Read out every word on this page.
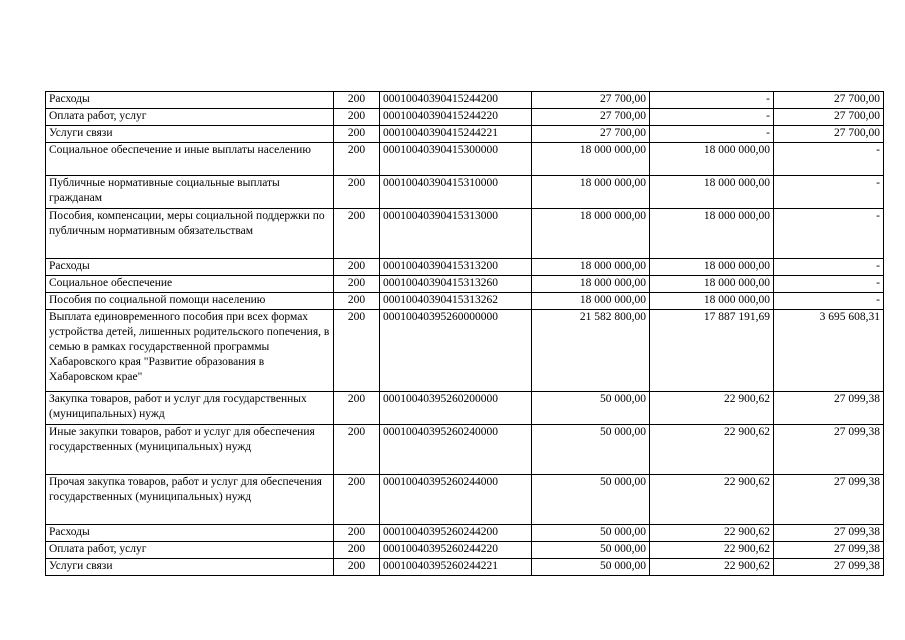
Расходы	200	00010040390415244200	27 700,00	-	27 700,00
Оплата работ, услуг	200	00010040390415244220	27 700,00	-	27 700,00
Услуги связи	200	00010040390415244221	27 700,00	-	27 700,00
Социальное обеспечение и иные выплаты населению	200	00010040390415300000	18 000 000,00	18 000 000,00	-
Публичные нормативные социальные выплаты гражданам	200	00010040390415310000	18 000 000,00	18 000 000,00	-
Пособия, компенсации, меры социальной поддержки по публичным нормативным обязательствам	200	00010040390415313000	18 000 000,00	18 000 000,00	-
Расходы	200	00010040390415313200	18 000 000,00	18 000 000,00	-
Социальное обеспечение	200	00010040390415313260	18 000 000,00	18 000 000,00	-
Пособия по социальной помощи населению	200	00010040390415313262	18 000 000,00	18 000 000,00	-
Выплата единовременного пособия при всех формах устройства детей, лишенных родительского попечения, в семью в рамках государственной программы Хабаровского края "Развитие образования в Хабаровском крае"	200	00010040395260000000	21 582 800,00	17 887 191,69	3 695 608,31
Закупка товаров, работ и услуг для государственных (муниципальных) нужд	200	00010040395260200000	50 000,00	22 900,62	27 099,38
Иные закупки товаров, работ и услуг для обеспечения государственных (муниципальных) нужд	200	00010040395260240000	50 000,00	22 900,62	27 099,38
Прочая закупка товаров, работ и услуг для обеспечения государственных (муниципальных) нужд	200	00010040395260244000	50 000,00	22 900,62	27 099,38
Расходы	200	00010040395260244200	50 000,00	22 900,62	27 099,38
Оплата работ, услуг	200	00010040395260244220	50 000,00	22 900,62	27 099,38
Услуги связи	200	00010040395260244221	50 000,00	22 900,62	27 099,38
